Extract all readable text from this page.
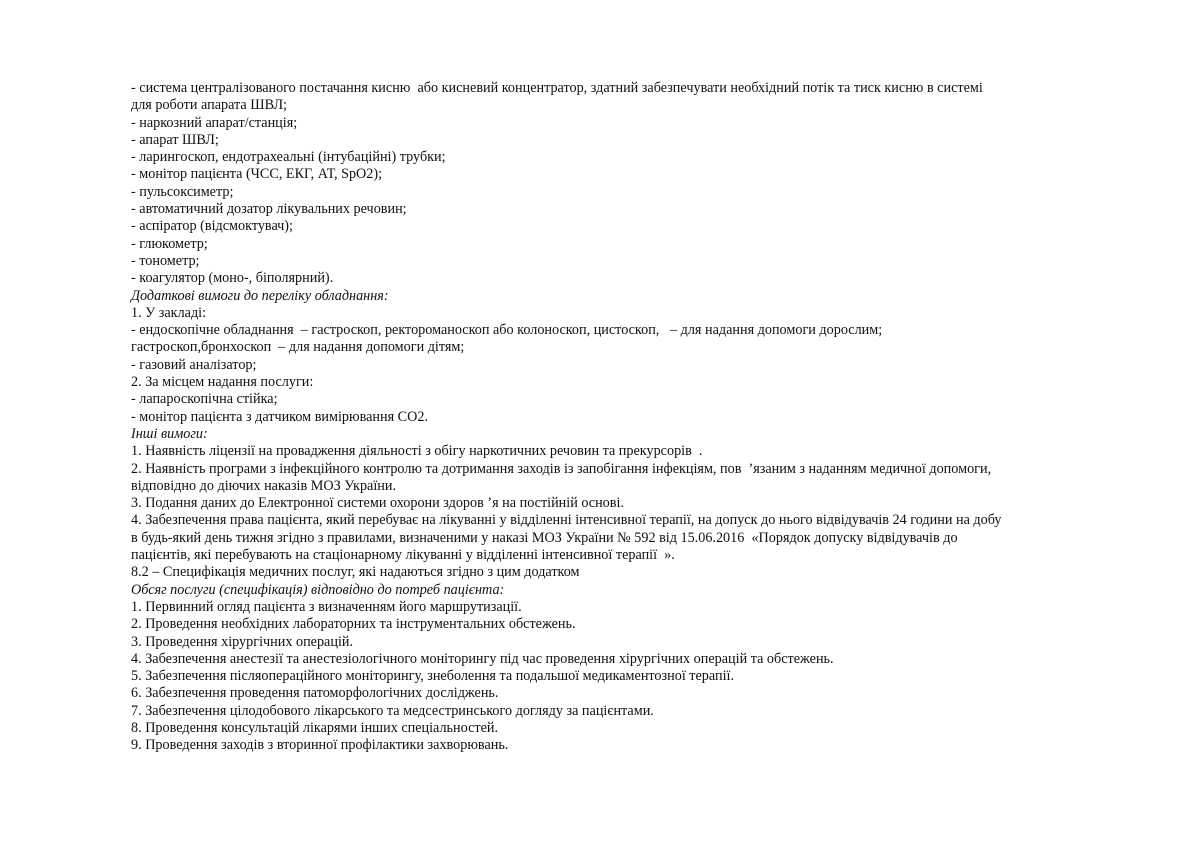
- система централізованого постачання кисню  або кисневий концентратор, здатний забезпечувати необхідний потік та тиск кисню в системі

для роботи апарата ШВЛ;

- наркозний апарат/станція;

- апарат ШВЛ;

- ларингоскоп, ендотрахеальні (інтубаційні) трубки;

- монітор пацієнта (ЧСС, ЕКГ, АТ, SpO2);

- пульсоксиметр;

- автоматичний дозатор лікувальних речовин;

- аспіратор (відсмоктувач);

- глюкометр;

- тонометр;

- коагулятор (моно-, біполярний).

Додаткові вимоги до переліку обладнання:

1. У закладі:

- ендоскопічне обладнання  – гастроскоп, ректороманоскоп або колоноскоп, цистоскоп,   – для надання допомоги дорослим;

гастроскоп,бронхоскоп  – для надання допомоги дітям;

- газовий аналізатор;

2. За місцем надання послуги:

- лапароскопічна стійка;

- монітор пацієнта з датчиком вимірювання СО2.

Інші вимоги:

1. Наявність ліцензії на провадження діяльності з обігу наркотичних речовин та прекурсорів  .

2. Наявність програми з інфекційного контролю та дотримання заходів із запобігання інфекціям, пов  ’язаним з наданням медичної допомоги,

відповідно до діючих наказів МОЗ України.

3. Подання даних до Електронної системи охорони здоров ’я на постійній основі.

4. Забезпечення права пацієнта, який перебуває на лікуванні у відділенні інтенсивної терапії, на допуск до нього відвідувачів 24 години на добу

в будь-який день тижня згідно з правилами, визначеними у наказі МОЗ України № 592 від 15.06.2016  «Порядок допуску відвідувачів до

пацієнтів, які перебувають на стаціонарному лікуванні у відділенні інтенсивної терапії  ».

8.2 – Специфікація медичних послуг, які надаються згідно з цим додатком

Обсяг послуги (специфікація) відповідно до потреб пацієнта:

1. Первинний огляд пацієнта з визначенням його маршрутизації.

2. Проведення необхідних лабораторних та інструментальних обстежень.

3. Проведення хірургічних операцій.

4. Забезпечення анестезії та анестезіологічного моніторингу під час проведення хірургічних операцій та обстежень.

5. Забезпечення післяопераційного моніторингу, знеболення та подальшої медикаментозної терапії.

6. Забезпечення проведення патоморфологічних досліджень.

7. Забезпечення цілодобового лікарського та медсестринського догляду за пацієнтами.

8. Проведення консультацій лікарями інших спеціальностей.

9. Проведення заходів з вторинної профілактики захворювань.
